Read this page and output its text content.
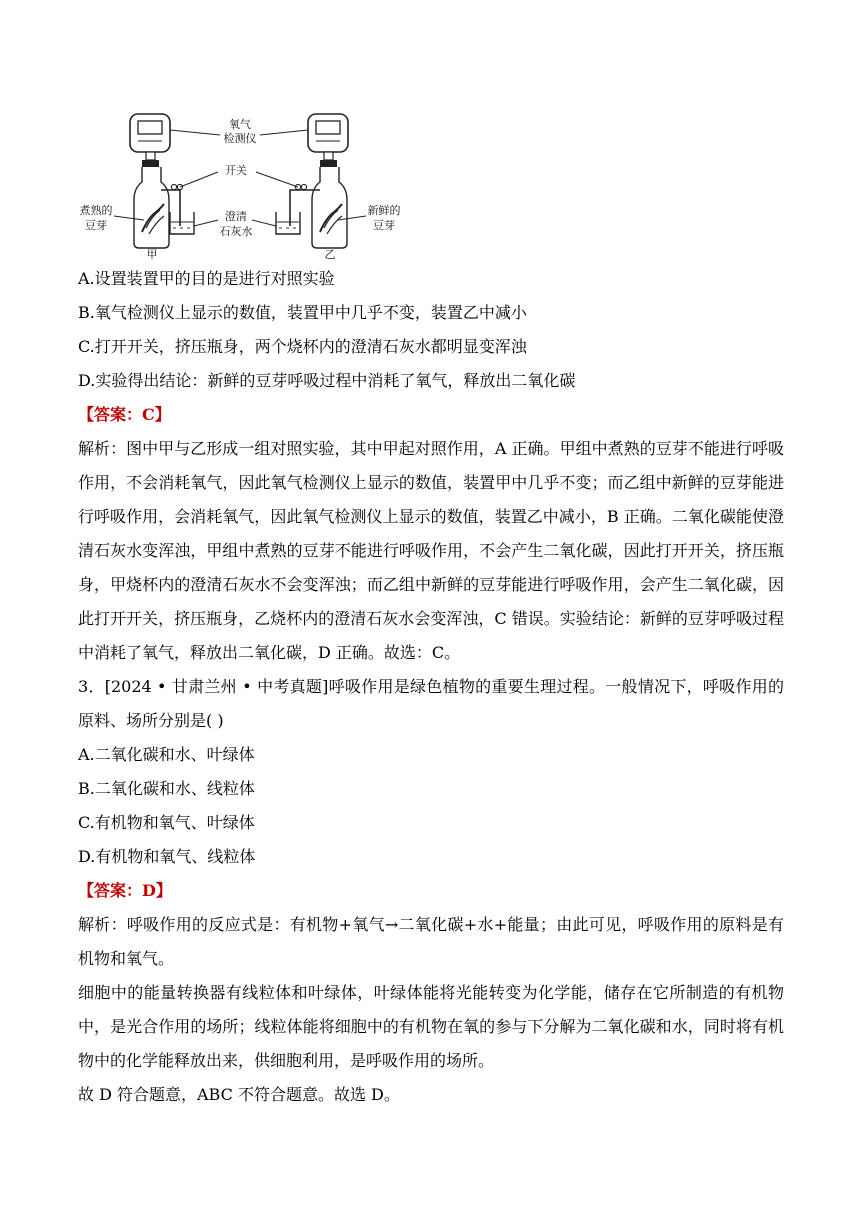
氧气
检测仪
开关
煮熟的
豆芽
新鲜的
豆芽
澄清
石灰水
甲	乙
A.设置装置甲的目的是进行对照实验
B.氧气检测仪上显示的数值，装置甲中几乎不变，装置乙中减小
C.打开开关，挤压瓶身，两个烧杯内的澄清石灰水都明显变浑浊
D.实验得出结论：新鲜的豆芽呼吸过程中消耗了氧气，释放出二氧化碳
【答案：C】

解析：图中甲与乙形成一组对照实验，其中甲起对照作用，A 正确。甲组中煮熟的豆芽不能进行呼吸作用，不会消耗氧气，因此氧气检测仪上显示的数值，装置甲中几乎不变；而乙组中新鲜的豆芽能进行呼吸作用，会消耗氧气，因此氧气检测仪上显示的数值，装置乙中减小，B 正确。二氧化碳能使澄清石灰水变浑浊，甲组中煮熟的豆芽不能进行呼吸作用，不会产生二氧化碳，因此打开开关，挤压瓶身，甲烧杯内的澄清石灰水不会变浑浊；而乙组中新鲜的豆芽能进行呼吸作用，会产生二氧化碳，因此打开开关，挤压瓶身，乙烧杯内的澄清石灰水会变浑浊，C 错误。实验结论：新鲜的豆芽呼吸过程中消耗了氧气，释放出二氧化碳，D 正确。故选：C。

3．[2024 • 甘肃兰州 • 中考真题]呼吸作用是绿色植物的重要生理过程。一般情况下，呼吸作用的原料、场所分别是( )

A.二氧化碳和水、叶绿体
B.二氧化碳和水、线粒体
C.有机物和氧气、叶绿体
D.有机物和氧气、线粒体
【答案：D】

解析：呼吸作用的反应式是：有机物+氧气→二氧化碳+水+能量；由此可见，呼吸作用的原料是有机物和氧气。

细胞中的能量转换器有线粒体和叶绿体，叶绿体能将光能转变为化学能，储存在它所制造的有机物中，是光合作用的场所；线粒体能将细胞中的有机物在氧的参与下分解为二氧化碳和水，同时将有机物中的化学能释放出来，供细胞利用，是呼吸作用的场所。

故 D 符合题意，ABC 不符合题意。故选 D。
